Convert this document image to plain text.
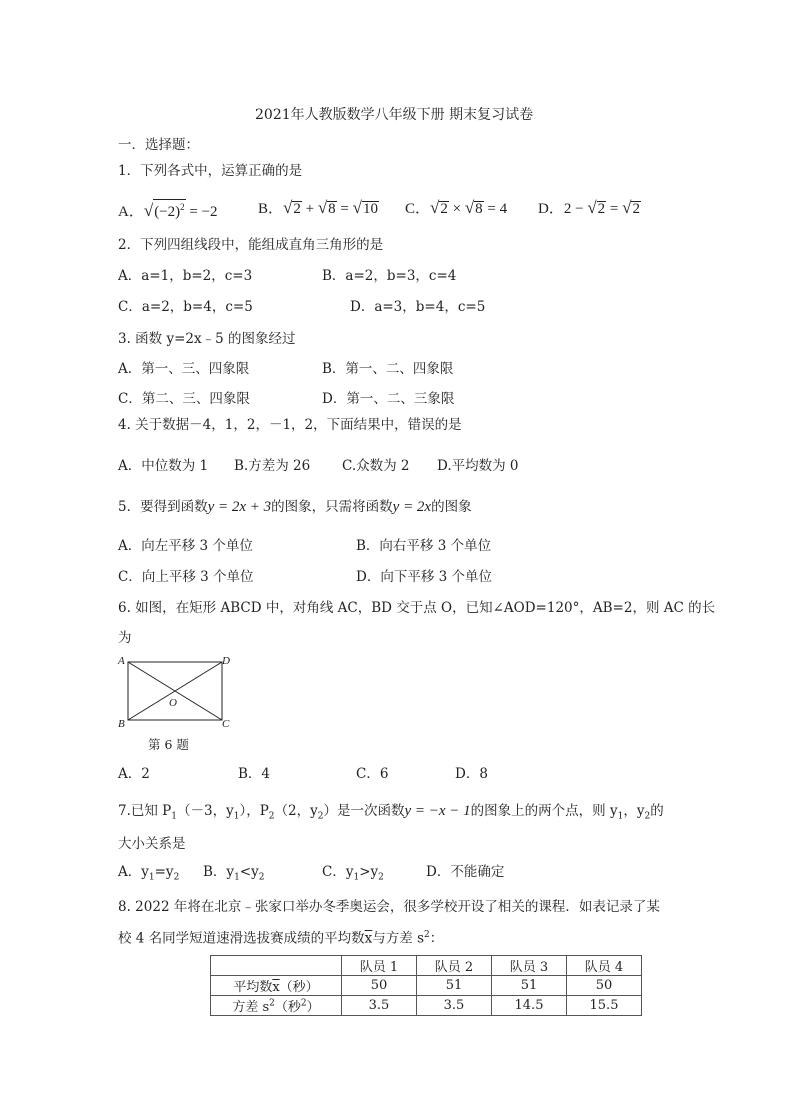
2021年人教版数学八年级下册 期末复习试卷
一．选择题：
1．下列各式中，运算正确的是
A．$√(-2)^2 = -2$	B．√2 + √8 = √10 C．√2 × √8 = 4 D．2 − √2 = √2
2．下列四组线段中，能组成直角三角形的是
A．a=1，b=2，c=3	B．a=2，b=3，c=4
C．a=2，b=4，c=5	D．a=3，b=4，c=5
3. 函数 y=2x﹣5 的图象经过
A．第一、三、四象限	B．第一、二、四象限
C．第二、三、四象限	D．第一、二、三象限
4. 关于数据－4，1，2，－1，2，下面结果中，错误的是
A．中位数为 1 B.方差为 26 C.众数为 2 D.平均数为 0
5．要得到函数y = 2x + 3的图象，只需将函数y = 2x的图象
A．向左平移 3 个单位	B．向右平移 3 个单位
C．向上平移 3 个单位	D．向下平移 3 个单位
6. 如图，在矩形 ABCD 中，对角线 AC，BD 交于点 O，已知∠AOD=120°，AB=2，则 AC 的长
为
A	D
B	C
O
第 6 题
A．2	B．4	C．6	D．8
7.已知 $P_1(-3$，$y_1$），$P_2(2$，$y_2$）是一次函数y = −x − 1的图象上的两个点，则 $y_1$，$y_2$的
大小关系是
A．$y_1=y_2$ B．$y_1<y_2$	C．$y_1>y_2$	D．不能确定
8. 2022 年将在北京﹣张家口举办冬季奥运会，很多学校开设了相关的课程．如表记录了某
校 4 名同学短道速滑选拔赛成绩的平均数$\overline{x}$与方差 $s^2$：
	队员 1	队员 2	队员 3	队员 4
平均数$\overline{x}$（秒）	50	51	51	50
方差 $s^2$（秒$^2$）	3.5	3.5	14.5	15.5
